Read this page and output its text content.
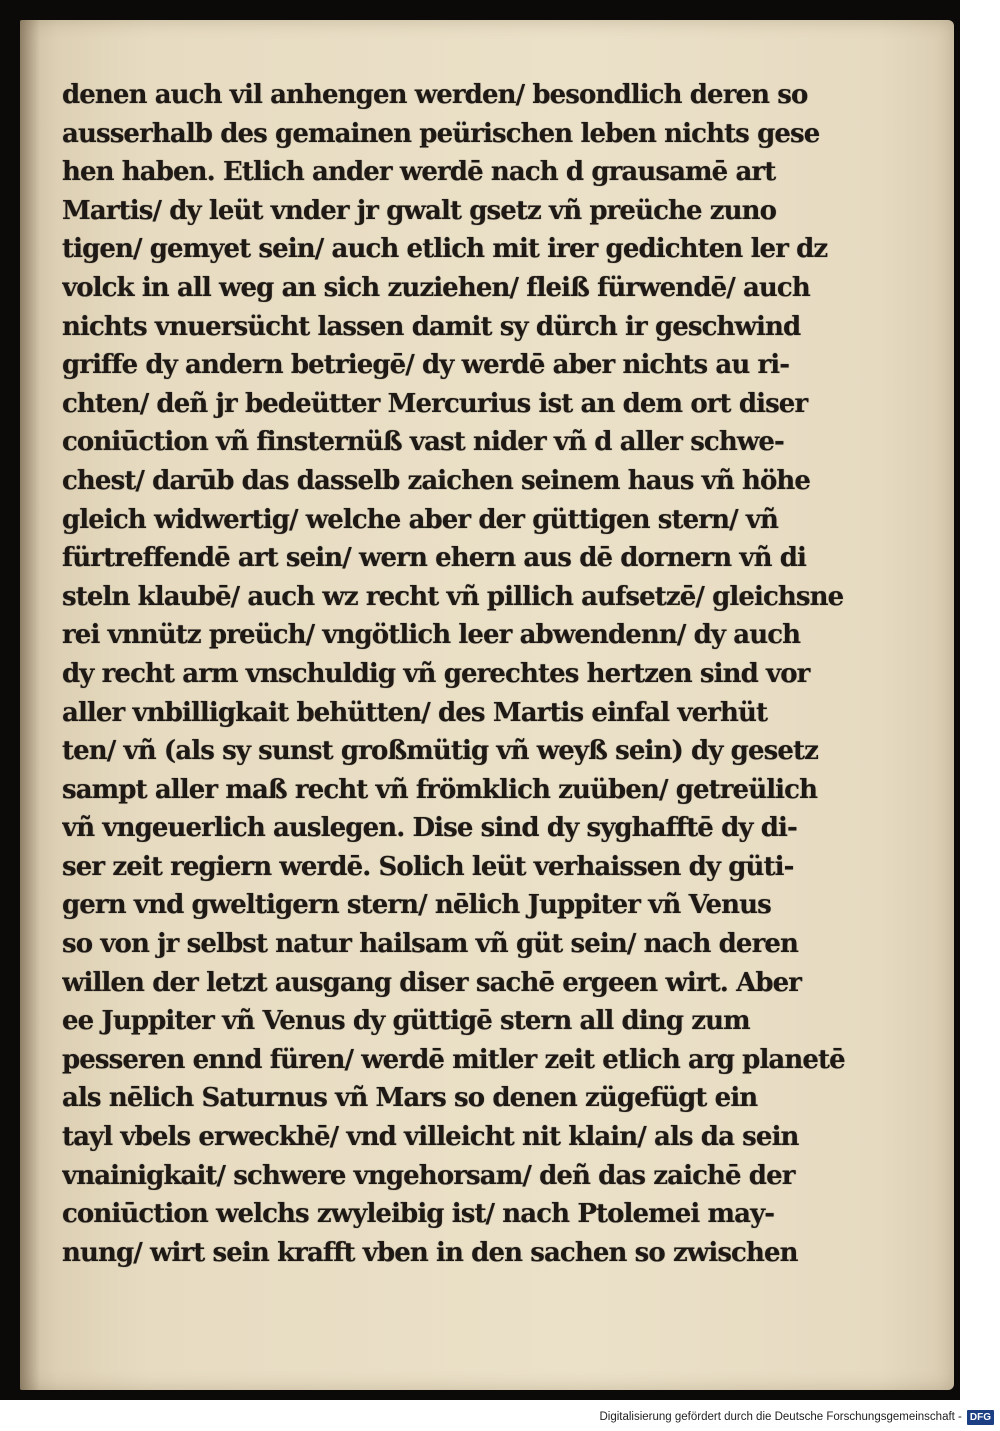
denen auch vil anhengen werden/ besondlich deren so
ausserhalb des gemainen peürischen leben nichts gese
hen haben. Etlich ander werdē nach d grausamē art
Martis/ dy leüt vnder jr gwalt gsetz vñ preüche zuno
tigen/ gemyet sein/ auch etlich mit irer gedichten ler dz
volck in all weg an sich zuziehen/ fleiß fürwendē/ auch
nichts vnuersücht lassen damit sy dürch ir geschwind
griffe dy andern betriegē/ dy werdē aber nichts au ri-
chten/ deñ jr bedeütter Mercurius ist an dem ort diser
coniūction vñ finsternüß vast nider vñ d aller schwe-
chest/ darūb das dasselb zaichen seinem haus vñ höhe
gleich widwertig/ welche aber der güttigen stern/ vñ
fürtreffendē art sein/ wern ehern aus dē dornern vñ di
steln klaubē/ auch wz recht vñ pillich aufsetzē/ gleichsne
rei vnnütz preüch/ vngötlich leer abwendenn/ dy auch
dy recht arm vnschuldig vñ gerechtes hertzen sind vor
aller vnbilligkait behütten/ des Martis einfal verhüt
ten/ vñ (als sy sunst großmütig vñ weyß sein) dy gesetz
sampt aller maß recht vñ frömklich zuüben/ getreülich
vñ vngeuerlich auslegen. Dise sind dy syghafftē dy di-
ser zeit regiern werdē. Solich leüt verhaissen dy güti-
gern vnd gweltigern stern/ nēlich Juppiter vñ Venus
so von jr selbst natur hailsam vñ güt sein/ nach deren
willen der letzt ausgang diser sachē ergeen wirt. Aber
ee Juppiter vñ Venus dy güttigē stern all ding zum
pesseren ennd füren/ werdē mitler zeit etlich arg planetē
als nēlich Saturnus vñ Mars so denen zügefügt ein
tayl vbels erweckhē/ vnd villeicht nit klain/ als da sein
vnainigkait/ schwere vngehorsam/ deñ das zaichē der
coniūction welchs zwyleibig ist/ nach Ptolemei may-
nung/ wirt sein krafft vben in den sachen so zwischen
Digitalisierung gefördert durch die Deutsche Forschungsgemeinschaft - DFG
